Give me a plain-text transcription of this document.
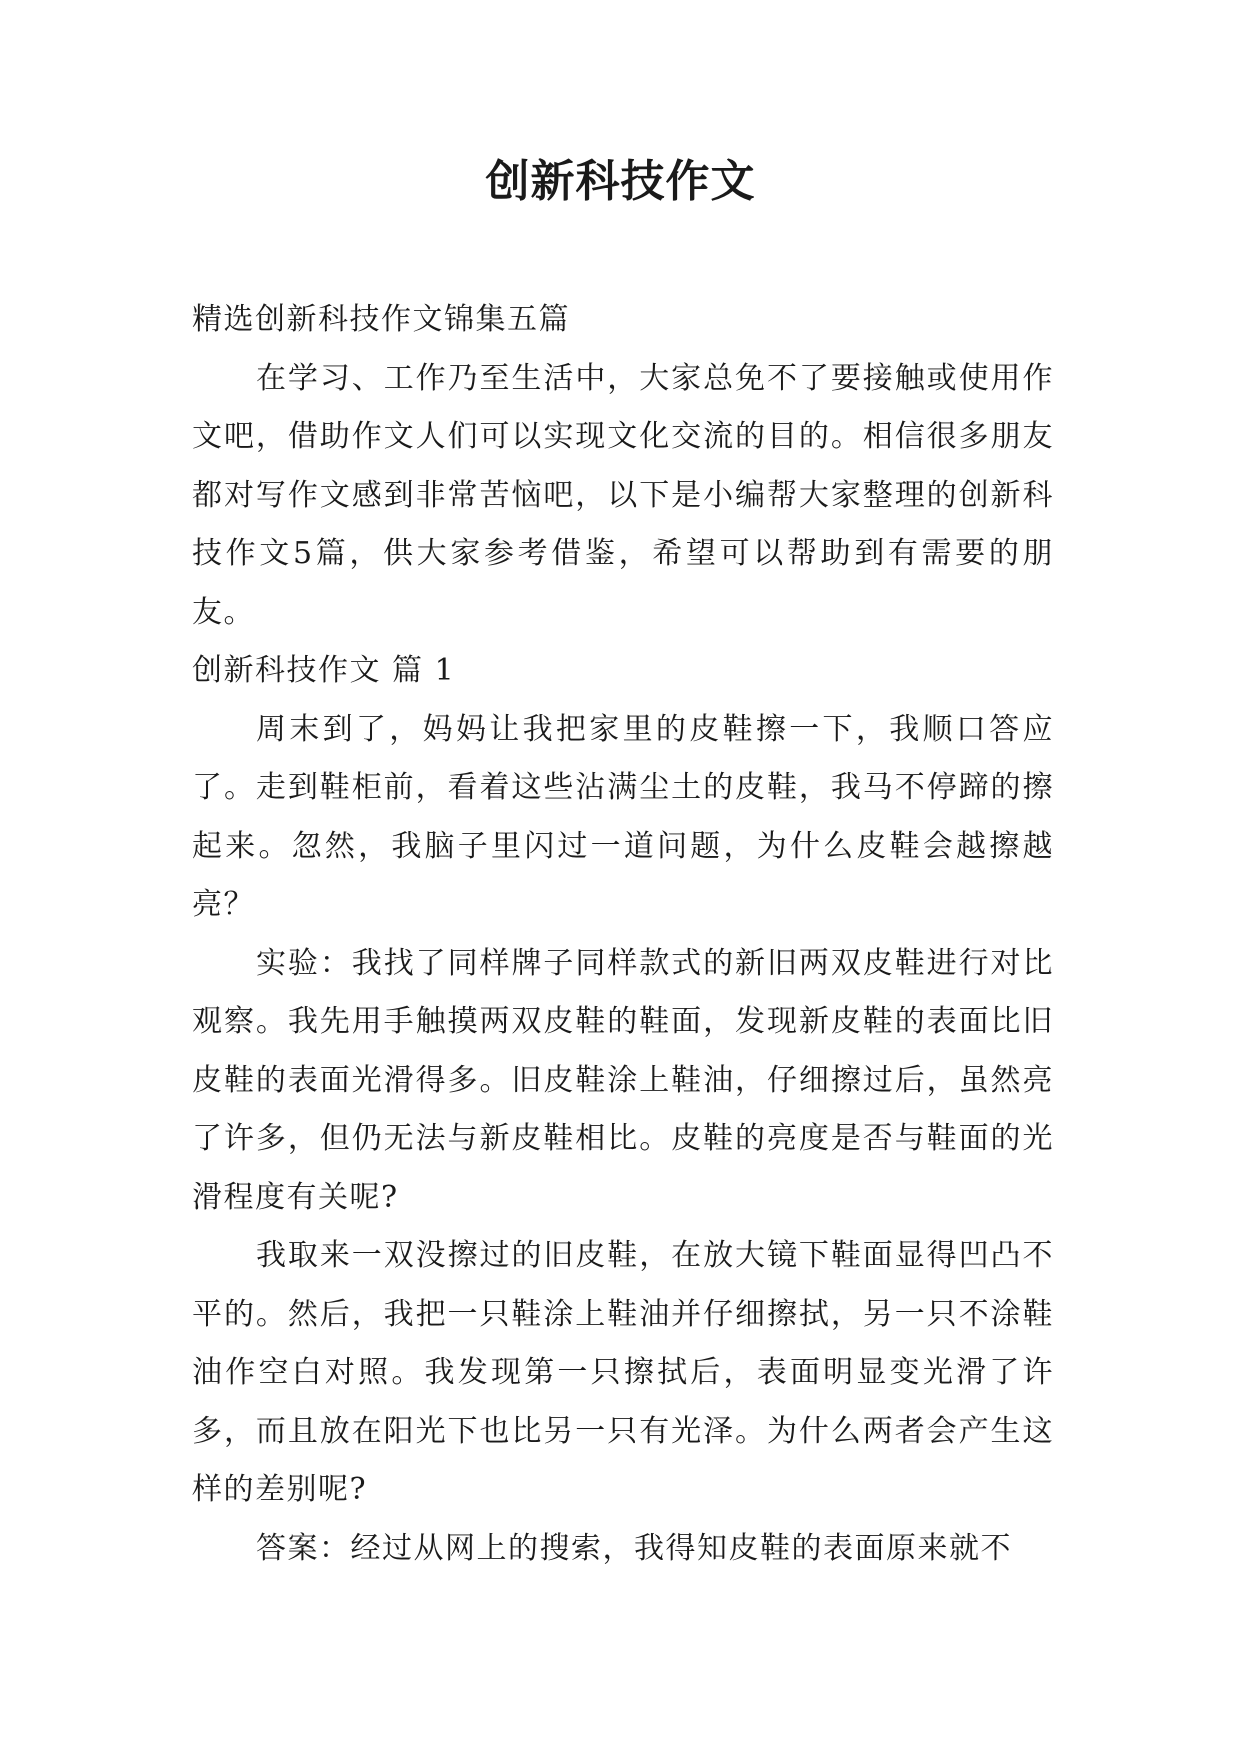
创新科技作文

精选创新科技作文锦集五篇

在学习、工作乃至生活中，大家总免不了要接触或使用作文吧，借助作文人们可以实现文化交流的目的。相信很多朋友都对写作文感到非常苦恼吧，以下是小编帮大家整理的创新科技作文5篇，供大家参考借鉴，希望可以帮助到有需要的朋友。

创新科技作文 篇 1

周末到了，妈妈让我把家里的皮鞋擦一下，我顺口答应了。走到鞋柜前，看着这些沾满尘土的皮鞋，我马不停蹄的擦起来。忽然，我脑子里闪过一道问题，为什么皮鞋会越擦越亮？

实验：我找了同样牌子同样款式的新旧两双皮鞋进行对比观察。我先用手触摸两双皮鞋的鞋面，发现新皮鞋的表面比旧皮鞋的表面光滑得多。旧皮鞋涂上鞋油，仔细擦过后，虽然亮了许多，但仍无法与新皮鞋相比。皮鞋的亮度是否与鞋面的光滑程度有关呢?

我取来一双没擦过的旧皮鞋，在放大镜下鞋面显得凹凸不平的。然后，我把一只鞋涂上鞋油并仔细擦拭，另一只不涂鞋油作空白对照。我发现第一只擦拭后，表面明显变光滑了许多，而且放在阳光下也比另一只有光泽。为什么两者会产生这样的差别呢?

答案：经过从网上的搜索，我得知皮鞋的表面原来就不
